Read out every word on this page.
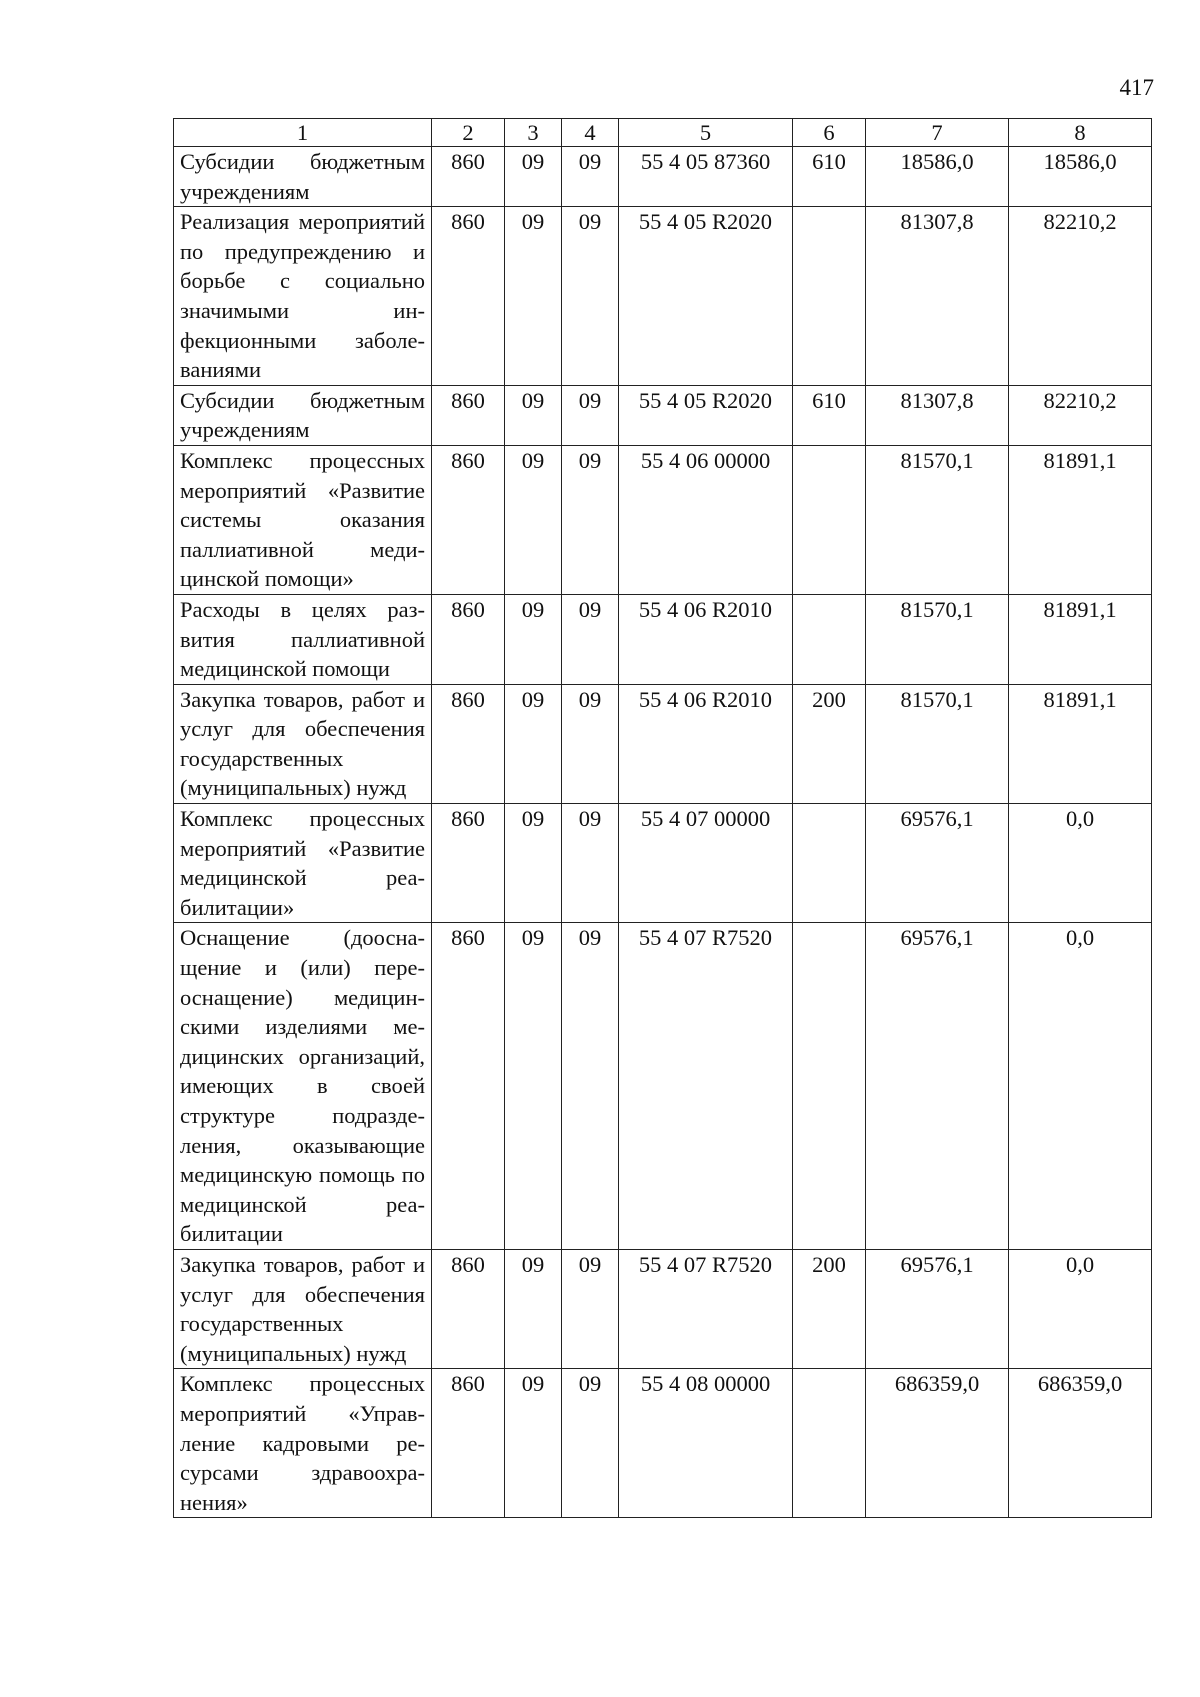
417
1	2	3	4	5	6	7	8
Субсидии бюджетным учреждениям	860	09	09	55 4 05 87360	610	18586,0	18586,0
Реализация мероприятий по предупреждению и борьбе с социально значимыми инфекционными заболеваниями	860	09	09	55 4 05 R2020		81307,8	82210,2
Субсидии бюджетным учреждениям	860	09	09	55 4 05 R2020	610	81307,8	82210,2
Комплекс процессных мероприятий «Развитие системы оказания паллиативной медицинской помощи»	860	09	09	55 4 06 00000		81570,1	81891,1
Расходы в целях развития паллиативной медицинской помощи	860	09	09	55 4 06 R2010		81570,1	81891,1
Закупка товаров, работ и услуг для обеспечения государственных (муниципальных) нужд	860	09	09	55 4 06 R2010	200	81570,1	81891,1
Комплекс процессных мероприятий «Развитие медицинской реабилитации»	860	09	09	55 4 07 00000		69576,1	0,0
Оснащение (дооснащение и (или) переоснащение) медицинскими изделиями медицинских организаций, имеющих в своей структуре подразделения, оказывающие медицинскую помощь по медицинской реабилитации	860	09	09	55 4 07 R7520		69576,1	0,0
Закупка товаров, работ и услуг для обеспечения государственных (муниципальных) нужд	860	09	09	55 4 07 R7520	200	69576,1	0,0
Комплекс процессных мероприятий «Управление кадровыми ресурсами здравоохранения»	860	09	09	55 4 08 00000		686359,0	686359,0
